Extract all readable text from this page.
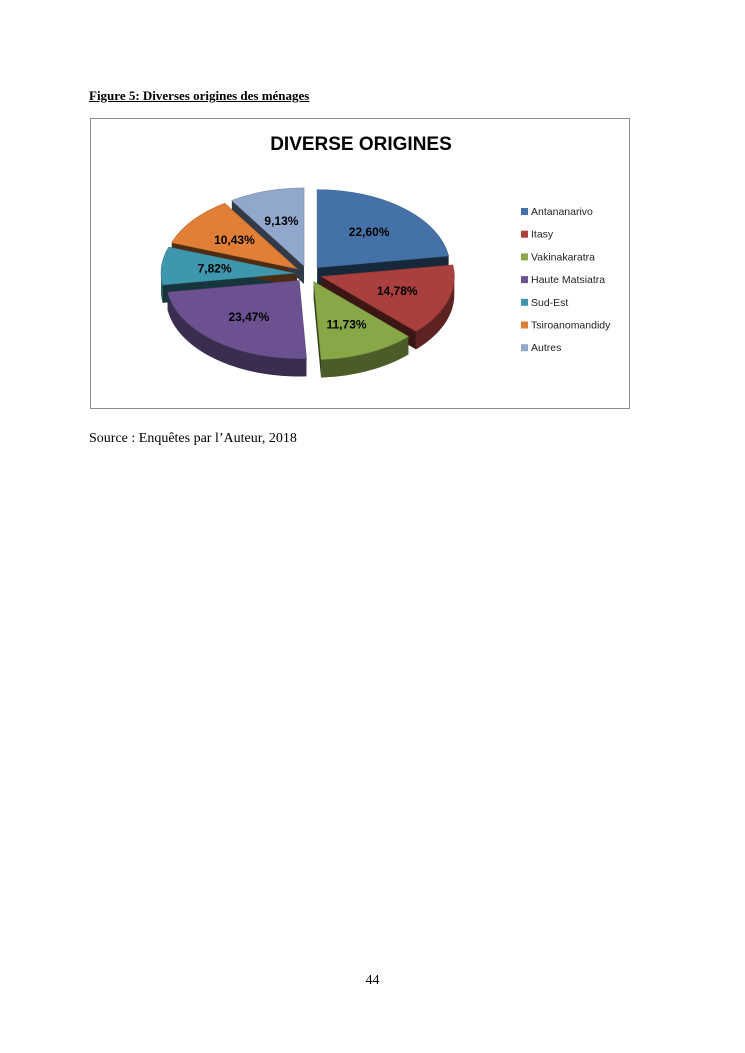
Figure 5: Diverses origines des ménages
DIVERSE ORIGINES
22,60%
14,78%
11,73%
23,47%
7,82%
10,43%
9,13%
Antananarivo
Itasy
Vakinakaratra
Haute Matsiatra
Sud-Est
Tsiroanomandidy
Autres
Source : Enquêtes par l’Auteur, 2018
44
